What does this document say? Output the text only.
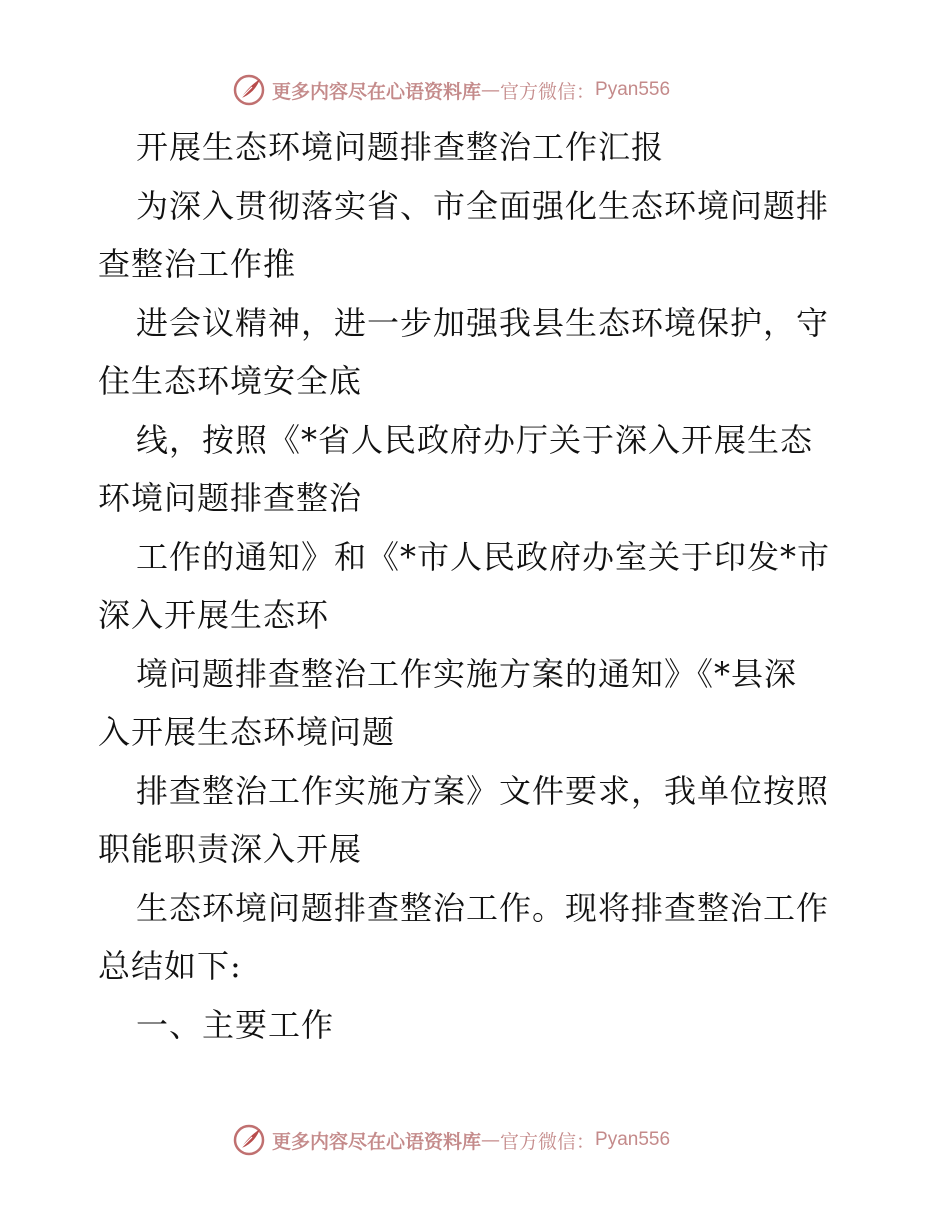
更多内容尽在心语资料库 — 官方微信： Pyan556
开展生态环境问题排查整治工作汇报
为深入贯彻落实省、市全面强化生态环境问题排
查整治工作推
进会议精神，进一步加强我县生态环境保护，守
住生态环境安全底
线，按照《*省人民政府办厅关于深入开展生态
环境问题排查整治
工作的通知》和《*市人民政府办室关于印发*市
深入开展生态环
境问题排查整治工作实施方案的通知》《*县深
入开展生态环境问题
排查整治工作实施方案》文件要求，我单位按照
职能职责深入开展
生态环境问题排查整治工作。现将排查整治工作
总结如下:
一、主要工作
更多内容尽在心语资料库 — 官方微信： Pyan556
